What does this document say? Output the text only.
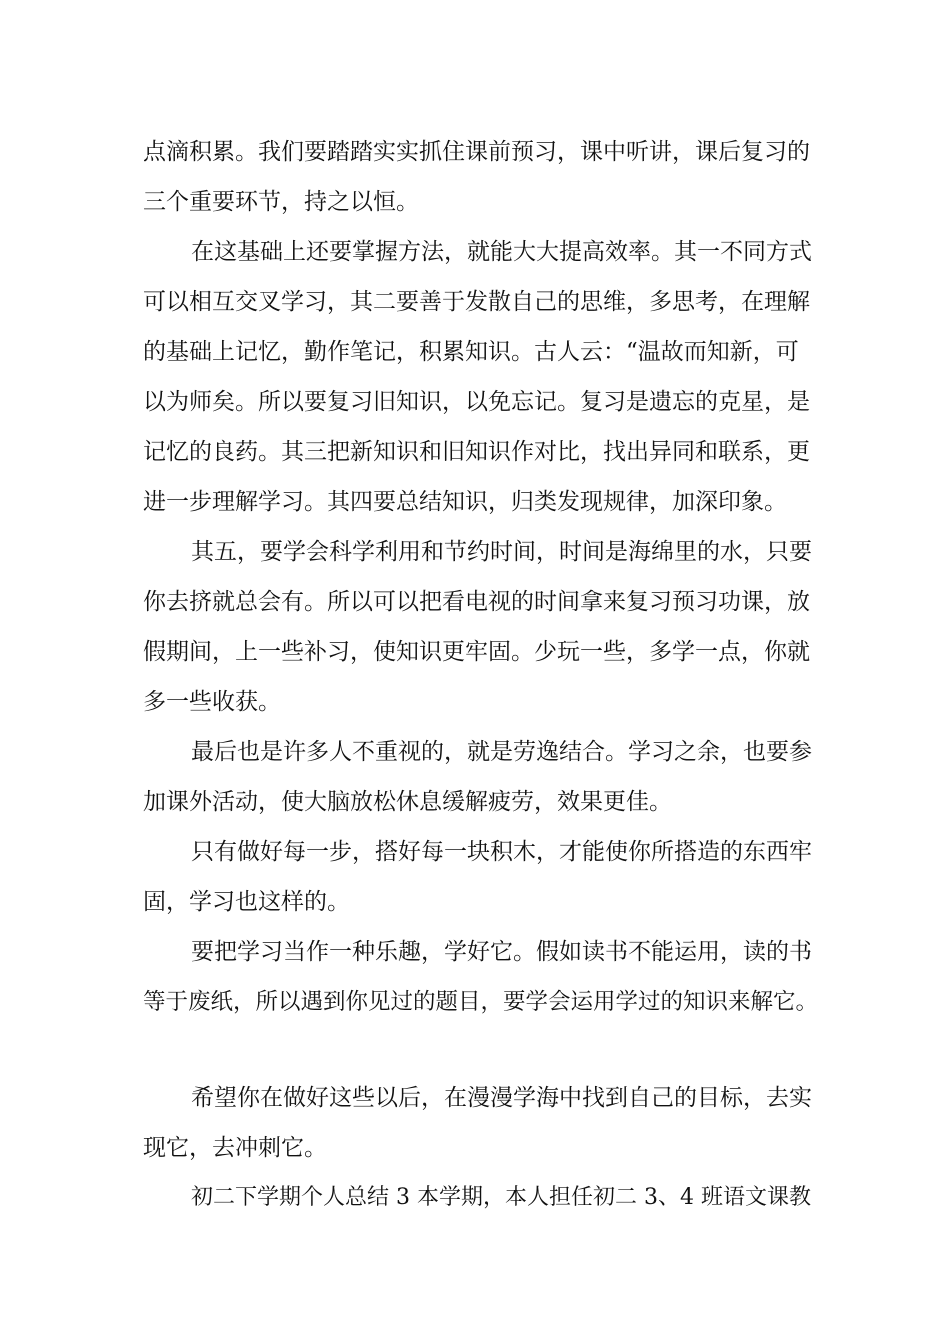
点滴积累。我们要踏踏实实抓住课前预习，课中听讲，课后复习的

三个重要环节，持之以恒。

在这基础上还要掌握方法，就能大大提高效率。其一不同方式

可以相互交叉学习，其二要善于发散自己的思维，多思考，在理解

的基础上记忆，勤作笔记，积累知识。古人云：“温故而知新，可

以为师矣。所以要复习旧知识，以免忘记。复习是遗忘的克星，是

记忆的良药。其三把新知识和旧知识作对比，找出异同和联系，更

进一步理解学习。其四要总结知识，归类发现规律，加深印象。

其五，要学会科学利用和节约时间，时间是海绵里的水，只要

你去挤就总会有。所以可以把看电视的时间拿来复习预习功课，放

假期间，上一些补习，使知识更牢固。少玩一些，多学一点，你就

多一些收获。

最后也是许多人不重视的，就是劳逸结合。学习之余，也要参

加课外活动，使大脑放松休息缓解疲劳，效果更佳。

只有做好每一步，搭好每一块积木，才能使你所搭造的东西牢

固，学习也这样的。

要把学习当作一种乐趣，学好它。假如读书不能运用，读的书

等于废纸，所以遇到你见过的题目，要学会运用学过的知识来解它。

希望你在做好这些以后，在漫漫学海中找到自己的目标，去实

现它，去冲刺它。

初二下学期个人总结 3 本学期，本人担任初二 3、4 班语文课教
